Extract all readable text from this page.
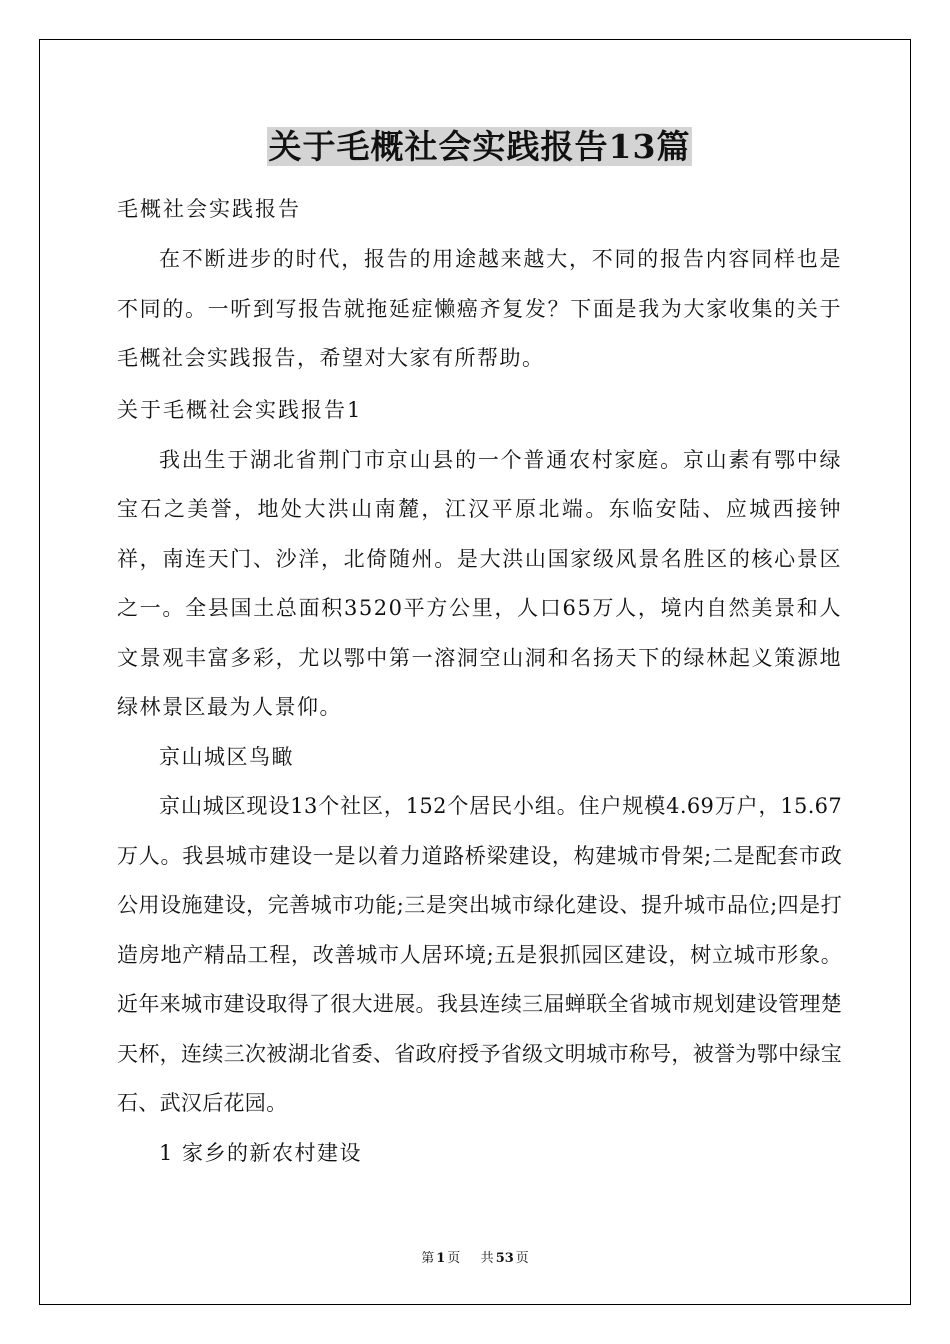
关于毛概社会实践报告13篇

毛概社会实践报告

在不断进步的时代，报告的用途越来越大，不同的报告内容同样也是不同的。一听到写报告就拖延症懒癌齐复发？下面是我为大家收集的关于毛概社会实践报告，希望对大家有所帮助。

关于毛概社会实践报告1

我出生于湖北省荆门市京山县的一个普通农村家庭。京山素有鄂中绿宝石之美誉，地处大洪山南麓，江汉平原北端。东临安陆、应城西接钟祥，南连天门、沙洋，北倚随州。是大洪山国家级风景名胜区的核心景区之一。全县国土总面积3520平方公里，人口65万人，境内自然美景和人文景观丰富多彩，尤以鄂中第一溶洞空山洞和名扬天下的绿林起义策源地绿林景区最为人景仰。

京山城区鸟瞰

京山城区现设13个社区，152个居民小组。住户规模4.69万户，15.67万人。我县城市建设一是以着力道路桥梁建设，构建城市骨架;二是配套市政公用设施建设，完善城市功能;三是突出城市绿化建设、提升城市品位;四是打造房地产精品工程，改善城市人居环境;五是狠抓园区建设，树立城市形象。近年来城市建设取得了很大进展。我县连续三届蝉联全省城市规划建设管理楚天杯，连续三次被湖北省委、省政府授予省级文明城市称号，被誉为鄂中绿宝石、武汉后花园。

1 家乡的新农村建设

第 1 页 共 53 页
